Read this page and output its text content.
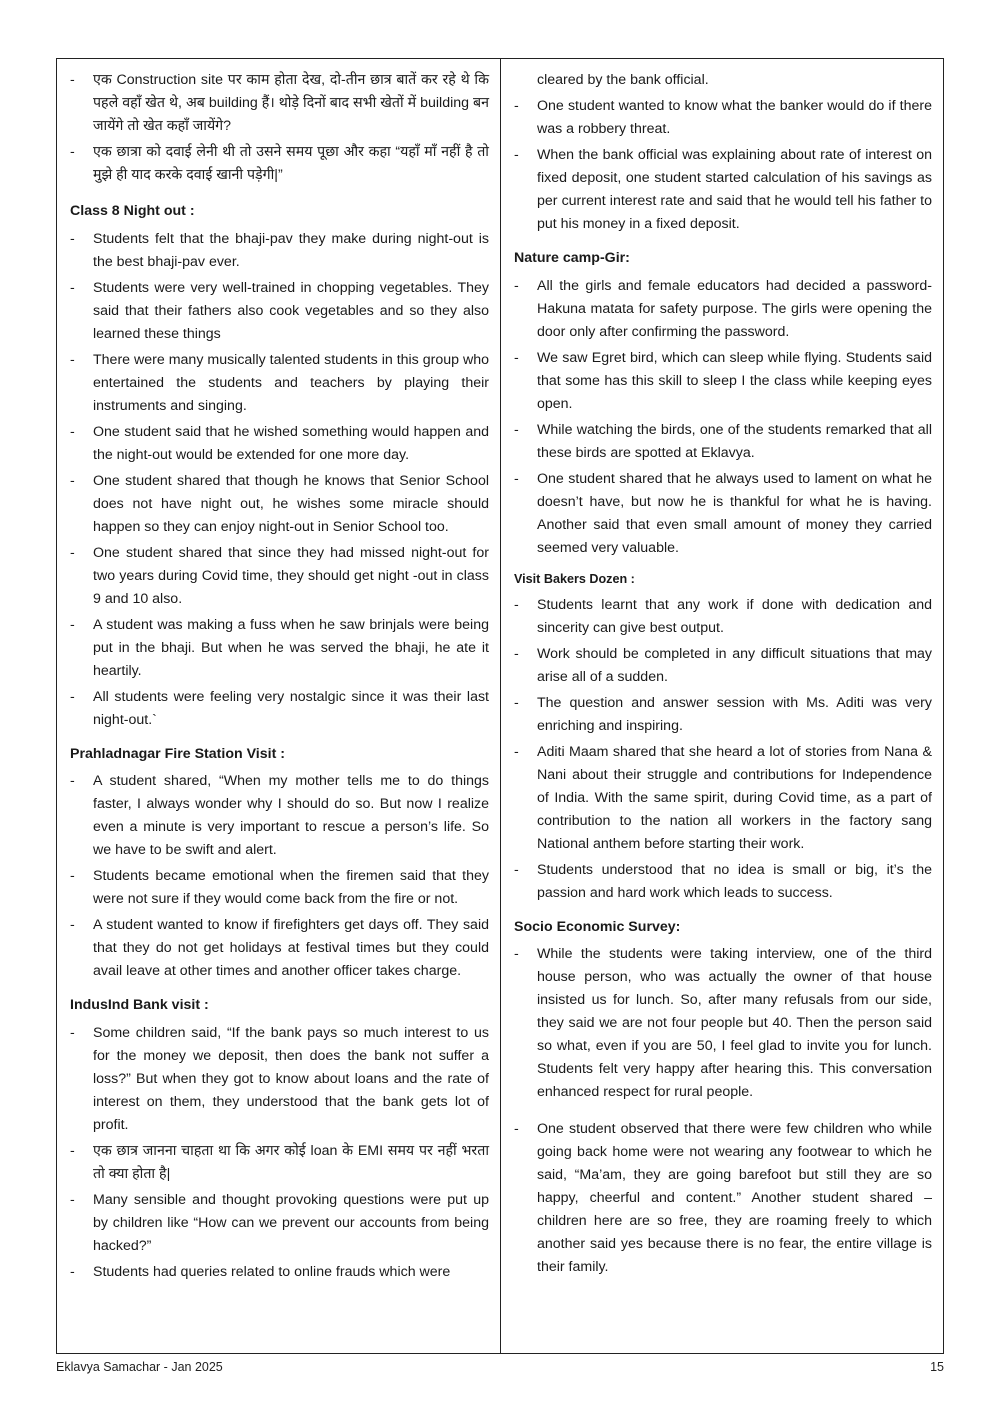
- एक Construction site पर काम होता देख, दो-तीन छात्र बातें कर रहे थे कि पहले वहाँ खेत थे, अब building हैं। थोड़े दिनों बाद सभी खेतों में building बन जायेंगे तो खेत कहाँ जायेंगे?
- एक छात्रा को दवाई लेनी थी तो उसने समय पूछा और कहा “यहाँ माँ नहीं है तो मुझे ही याद करके दवाई खानी पड़ेगी|”
Class 8 Night out :
- Students felt that the bhaji-pav they make during night-out is the best bhaji-pav ever.
- Students were very well-trained in chopping vegetables. They said that their fathers also cook vegetables and so they also learned these things
- There were many musically talented students in this group who entertained the students and teachers by playing their instruments and singing.
- One student said that he wished something would happen and the night-out would be extended for one more day.
- One student shared that though he knows that Senior School does not have night out, he wishes some miracle should happen so they can enjoy night-out in Senior School too.
- One student shared that since they had missed night-out for two years during Covid time, they should get night -out in class 9 and 10 also.
- A student was making a fuss when he saw brinjals were being put in the bhaji. But when he was served the bhaji, he ate it heartily.
- All students were feeling very nostalgic since it was their last night-out.`
Prahladnagar Fire Station Visit :
- A student shared, “When my mother tells me to do things faster, I always wonder why I should do so. But now I realize even a minute is very important to rescue a person’s life. So we have to be swift and alert.
- Students became emotional when the firemen said that they were not sure if they would come back from the fire or not.
- A student wanted to know if firefighters get days off. They said that they do not get holidays at festival times but they could avail leave at other times and another officer takes charge.
IndusInd Bank visit :
- Some children said, “If the bank pays so much interest to us for the money we deposit, then does the bank not suffer a loss?” But when they got to know about loans and the rate of interest on them, they understood that the bank gets lot of profit.
- एक छात्र जानना चाहता था कि अगर कोई loan के EMI समय पर नहीं भरता तो क्या होता है|
- Many sensible and thought provoking questions were put up by children like “How can we prevent our accounts from being hacked?”
- Students had queries related to online frauds which were
cleared by the bank official.
- One student wanted to know what the banker would do if there was a robbery threat.
- When the bank official was explaining about rate of interest on fixed deposit, one student started calculation of his savings as per current interest rate and said that he would tell his father to put his money in a fixed deposit.
Nature camp-Gir:
- All the girls and female educators had decided a password-Hakuna matata for safety purpose. The girls were opening the door only after confirming the password.
- We saw Egret bird, which can sleep while flying. Students said that some has this skill to sleep I the class while keeping eyes open.
- While watching the birds, one of the students remarked that all these birds are spotted at Eklavya.
- One student shared that he always used to lament on what he doesn’t have, but now he is thankful for what he is having. Another said that even small amount of money they carried seemed very valuable.
Visit Bakers Dozen :
- Students learnt that any work if done with dedication and sincerity can give best output.
- Work should be completed in any difficult situations that may arise all of a sudden.
- The question and answer session with Ms. Aditi was very enriching and inspiring.
- Aditi Maam shared that she heard a lot of stories from Nana & Nani about their struggle and contributions for Independence of India. With the same spirit, during Covid time, as a part of contribution to the nation all workers in the factory sang National anthem before starting their work.
- Students understood that no idea is small or big, it’s the passion and hard work which leads to success.
Socio Economic Survey:
- While the students were taking interview, one of the third house person, who was actually the owner of that house insisted us for lunch. So, after many refusals from our side, they said we are not four people but 40. Then the person said so what, even if you are 50, I feel glad to invite you for lunch. Students felt very happy after hearing this. This conversation enhanced respect for rural people.
- One student observed that there were few children who while going back home were not wearing any footwear to which he said, “Ma’am, they are going barefoot but still they are so happy, cheerful and content.” Another student shared – children here are so free, they are roaming freely to which another said yes because there is no fear, the entire village is their family.
Eklavya Samachar - Jan 2025	15
